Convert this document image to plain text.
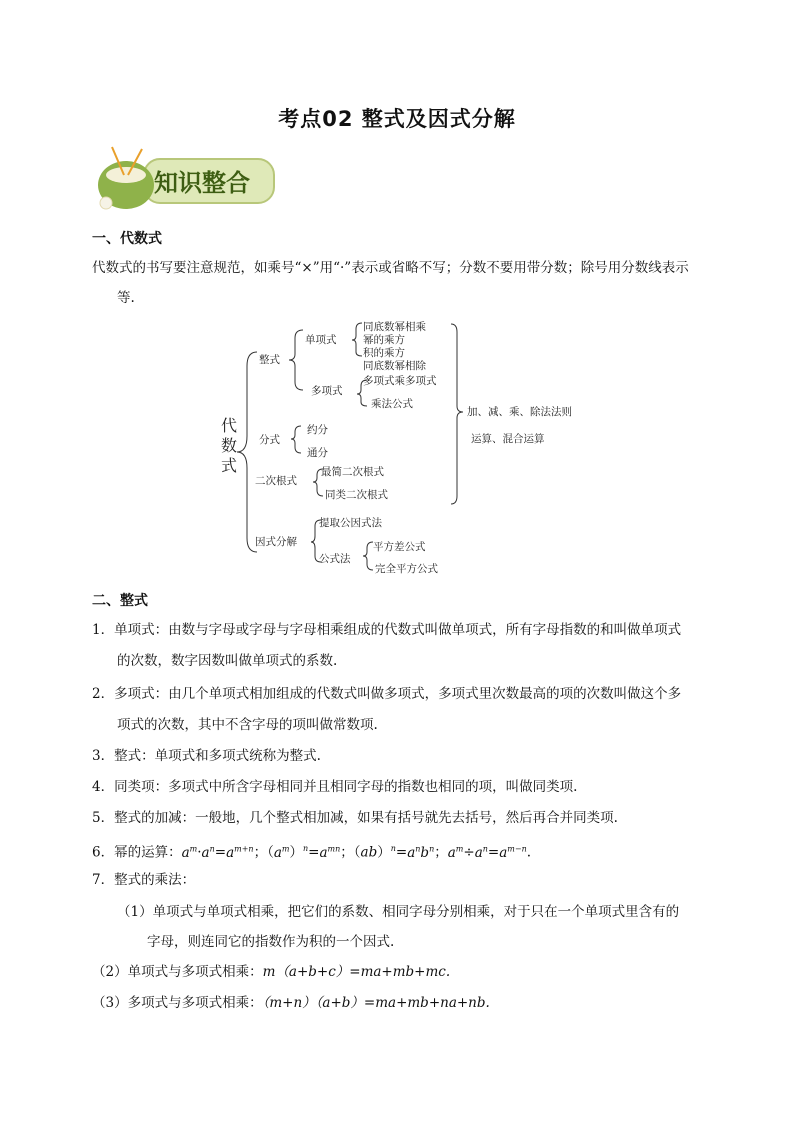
考点02 整式及因式分解
知识整合
一、代数式
代数式的书写要注意规范，如乘号“×”用“·”表示或省略不写；分数不要用带分数；除号用分数线表示
等.
代
数
式
整式
单项式
同底数幂相乘
幂的乘方
积的乘方
同底数幂相除
多项式
多项式乘多项式
乘法公式
加、减、乘、除法法则
运算、混合运算
分式
约分
通分
二次根式
最简二次根式
同类二次根式
因式分解
提取公因式法
公式法
平方差公式
完全平方公式
二、整式
1．单项式：由数与字母或字母与字母相乘组成的代数式叫做单项式，所有字母指数的和叫做单项式
的次数，数字因数叫做单项式的系数.
2．多项式：由几个单项式相加组成的代数式叫做多项式，多项式里次数最高的项的次数叫做这个多
项式的次数，其中不含字母的项叫做常数项.
3．整式：单项式和多项式统称为整式.
4．同类项：多项式中所含字母相同并且相同字母的指数也相同的项，叫做同类项.
5．整式的加减：一般地，几个整式相加减，如果有括号就先去括号，然后再合并同类项.
6．幂的运算：$a^m\cdot a^n=a^{m+n}$；$(a^m)^n=a^{mn}$；$(ab)^n=a^nb^n$；$a^m\div a^n=a^{m-n}$.
7．整式的乘法：
（1）单项式与单项式相乘，把它们的系数、相同字母分别相乘，对于只在一个单项式里含有的
字母，则连同它的指数作为积的一个因式.
（2）单项式与多项式相乘：m（a+b+c）=ma+mb+mc.
（3）多项式与多项式相乘：（m+n）（a+b）=ma+mb+na+nb.
